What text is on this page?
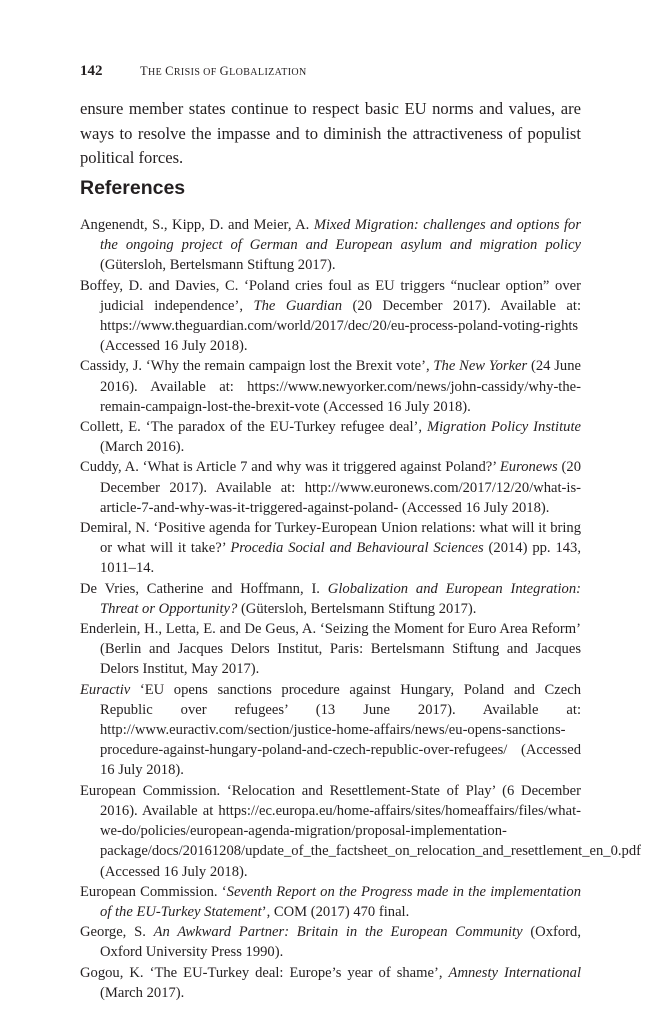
142	THE CRISIS OF GLOBALIZATION

ensure member states continue to respect basic EU norms and values, are ways to resolve the impasse and to diminish the attractiveness of populist political forces.

References
Angenendt, S., Kipp, D. and Meier, A. Mixed Migration: challenges and options for the ongoing project of German and European asylum and migration policy (Gütersloh, Bertelsmann Stiftung 2017).
Boffey, D. and Davies, C. ‘Poland cries foul as EU triggers “nuclear option” over judicial independence’, The Guardian (20 December 2017). Available at: https://www.theguardian.com/world/2017/dec/20/eu-process-poland-voting-rights (Accessed 16 July 2018).
Cassidy, J. ‘Why the remain campaign lost the Brexit vote’, The New Yorker (24 June 2016). Available at: https://www.newyorker.com/news/john-cassidy/why-the-remain-campaign-lost-the-brexit-vote (Accessed 16 July 2018).
Collett, E. ‘The paradox of the EU-Turkey refugee deal’, Migration Policy Institute (March 2016).
Cuddy, A. ‘What is Article 7 and why was it triggered against Poland?’ Euronews (20 December 2017). Available at: http://www.euronews.com/2017/12/20/what-is-article-7-and-why-was-it-triggered-against-poland- (Accessed 16 July 2018).
Demiral, N. ‘Positive agenda for Turkey-European Union relations: what will it bring or what will it take?’ Procedia Social and Behavioural Sciences (2014) pp. 143, 1011–14.
De Vries, Catherine and Hoffmann, I. Globalization and European Integration: Threat or Opportunity? (Gütersloh, Bertelsmann Stiftung 2017).
Enderlein, H., Letta, E. and De Geus, A. ‘Seizing the Moment for Euro Area Reform’ (Berlin and Jacques Delors Institut, Paris: Bertelsmann Stiftung and Jacques Delors Institut, May 2017).
Euractiv ‘EU opens sanctions procedure against Hungary, Poland and Czech Republic over refugees’ (13 June 2017). Available at: http://www.euractiv.com/section/justice-home-affairs/news/eu-opens-sanctions-procedure-against-hungary-poland-and-czech-republic-over-refugees/ (Accessed 16 July 2018).
European Commission. ‘Relocation and Resettlement-State of Play’ (6 December 2016). Available at https://ec.europa.eu/home-affairs/sites/homeaffairs/files/what-we-do/policies/european-agenda-migration/proposal-implementation-package/docs/20161208/update_of_the_factsheet_on_relocation_and_resettlement_en_0.pdf (Accessed 16 July 2018).
European Commission. ‘Seventh Report on the Progress made in the implementation of the EU-Turkey Statement’, COM (2017) 470 final.
George, S. An Awkward Partner: Britain in the European Community (Oxford, Oxford University Press 1990).
Gogou, K. ‘The EU-Turkey deal: Europe’s year of shame’, Amnesty International (March 2017).
